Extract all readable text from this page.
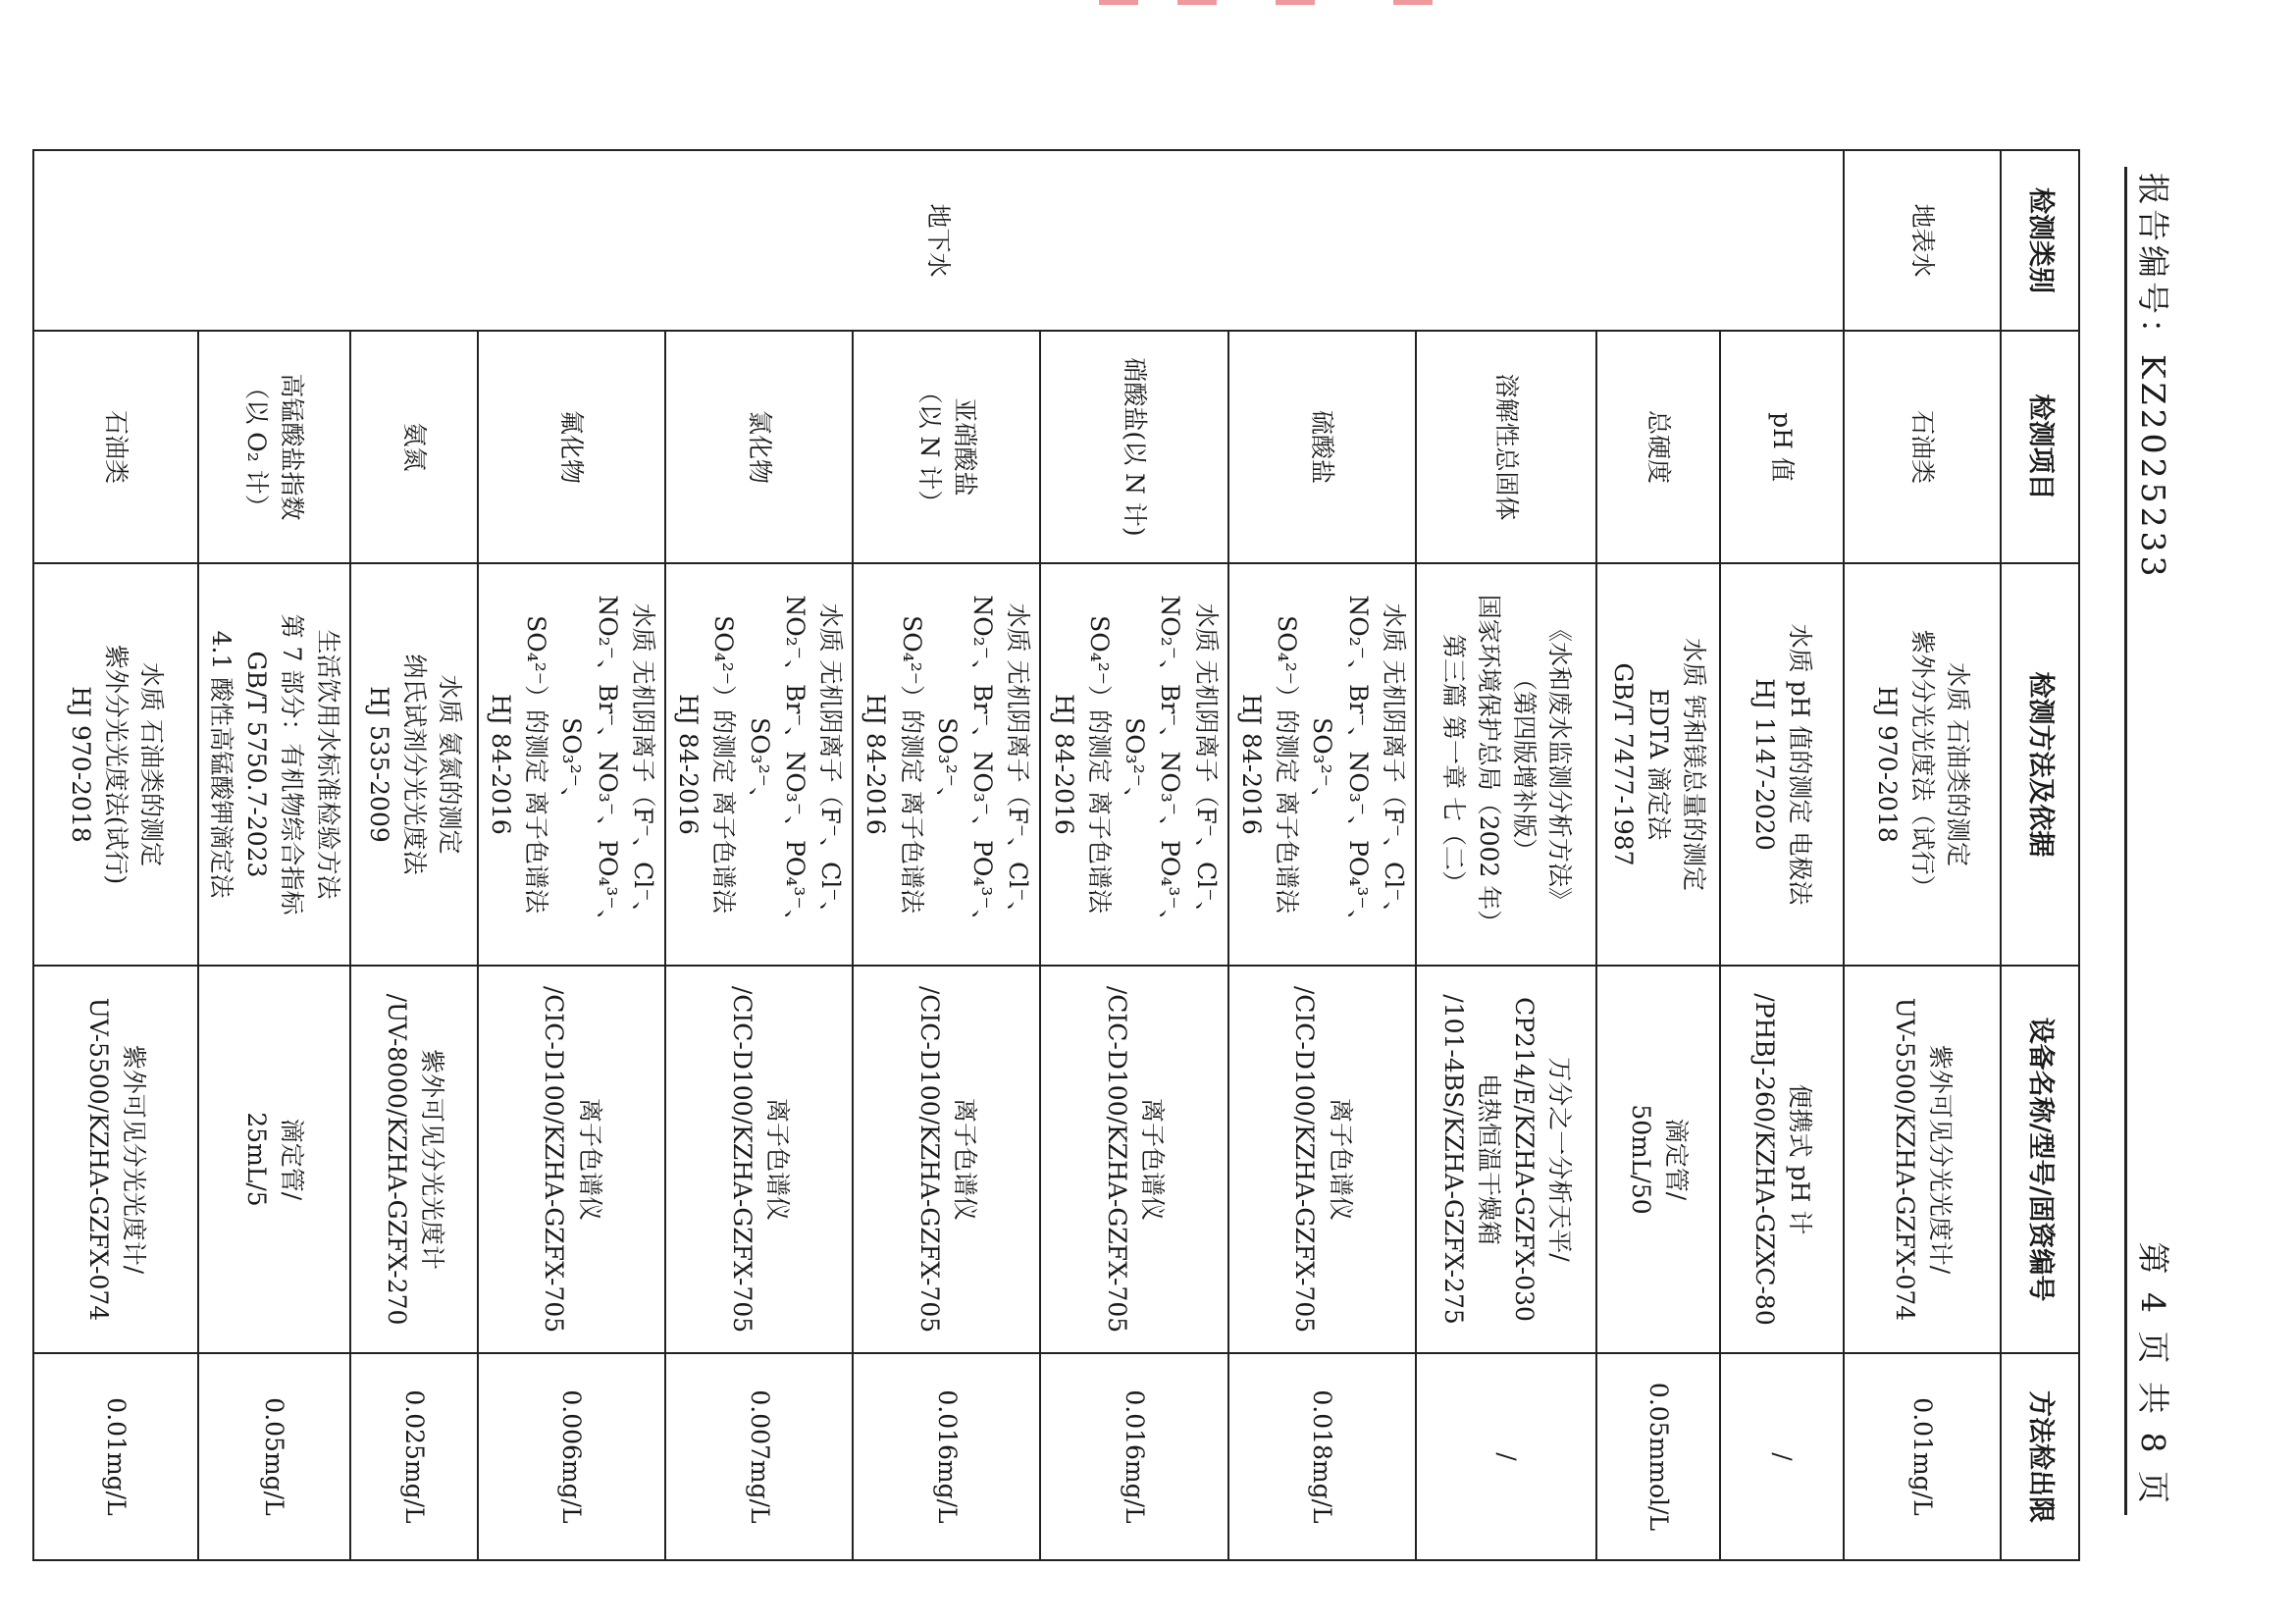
报告编号：KZ2025233
第 4 页 共 8 页
检测类别	检测项目	检测方法及依据	设备名称/型号/固资编号	方法检出限

地表水	石油类	水质 石油类的测定
紫外分光光度法（试行）
HJ 970-2018	紫外可见分光光度计/
UV-5500/KZHA-GZFX-074	0.01mg/L

地下水	pH 值	水质 pH 值的测定 电极法
HJ 1147-2020	便携式 pH 计
/PHBJ-260/KZHA-GZXC-80	/

	总硬度	水质 钙和镁总量的测定
EDTA 滴定法
GB/T 7477-1987	滴定管/
50mL/50	0.05mmol/L

	溶解性总固体	《水和废水监测分析方法》
（第四版增补版）
国家环境保护总局（2002 年）
第三篇 第一章 七（二）	万分之一分析天平/
CP214/E/KZHA-GZFX-030
电热恒温干燥箱
/101-4BS/KZHA-GZFX-275	/

	硫酸盐	水质 无机阴离子（F⁻、Cl⁻、
NO₂⁻、Br⁻、NO₃⁻、PO₄³⁻、SO₃²⁻、
SO₄²⁻）的测定 离子色谱法
HJ 84-2016	离子色谱仪
/CIC-D100/KZHA-GZFX-705	0.018mg/L

	硝酸盐(以 N 计)	水质 无机阴离子（F⁻、Cl⁻、
NO₂⁻、Br⁻、NO₃⁻、PO₄³⁻、SO₃²⁻、
SO₄²⁻）的测定 离子色谱法
HJ 84-2016	离子色谱仪
/CIC-D100/KZHA-GZFX-705	0.016mg/L

	亚硝酸盐
（以 N 计）	水质 无机阴离子（F⁻、Cl⁻、
NO₂⁻、Br⁻、NO₃⁻、PO₄³⁻、SO₃²⁻、
SO₄²⁻）的测定 离子色谱法
HJ 84-2016	离子色谱仪
/CIC-D100/KZHA-GZFX-705	0.016mg/L

	氯化物	水质 无机阴离子（F⁻、Cl⁻、
NO₂⁻、Br⁻、NO₃⁻、PO₄³⁻、SO₃²⁻、
SO₄²⁻）的测定 离子色谱法
HJ 84-2016	离子色谱仪
/CIC-D100/KZHA-GZFX-705	0.007mg/L

	氟化物	水质 无机阴离子（F⁻、Cl⁻、
NO₂⁻、Br⁻、NO₃⁻、PO₄³⁻、SO₃²⁻、
SO₄²⁻）的测定 离子色谱法
HJ 84-2016	离子色谱仪
/CIC-D100/KZHA-GZFX-705	0.006mg/L

	氨氮	水质 氨氮的测定
纳氏试剂分光光度法
HJ 535-2009	紫外可见分光光度计
/UV-8000/KZHA-GZFX-270	0.025mg/L

	高锰酸盐指数
（以 O₂ 计）	生活饮用水标准检验方法
第 7 部分：有机物综合指标
GB/T 5750.7-2023
4.1 酸性高锰酸钾滴定法	滴定管/
25mL/5	0.05mg/L

	石油类	水质 石油类的测定
紫外分光光度法(试行)
HJ 970-2018	紫外可见分光光度计/
UV-5500/KZHA-GZFX-074	0.01mg/L
